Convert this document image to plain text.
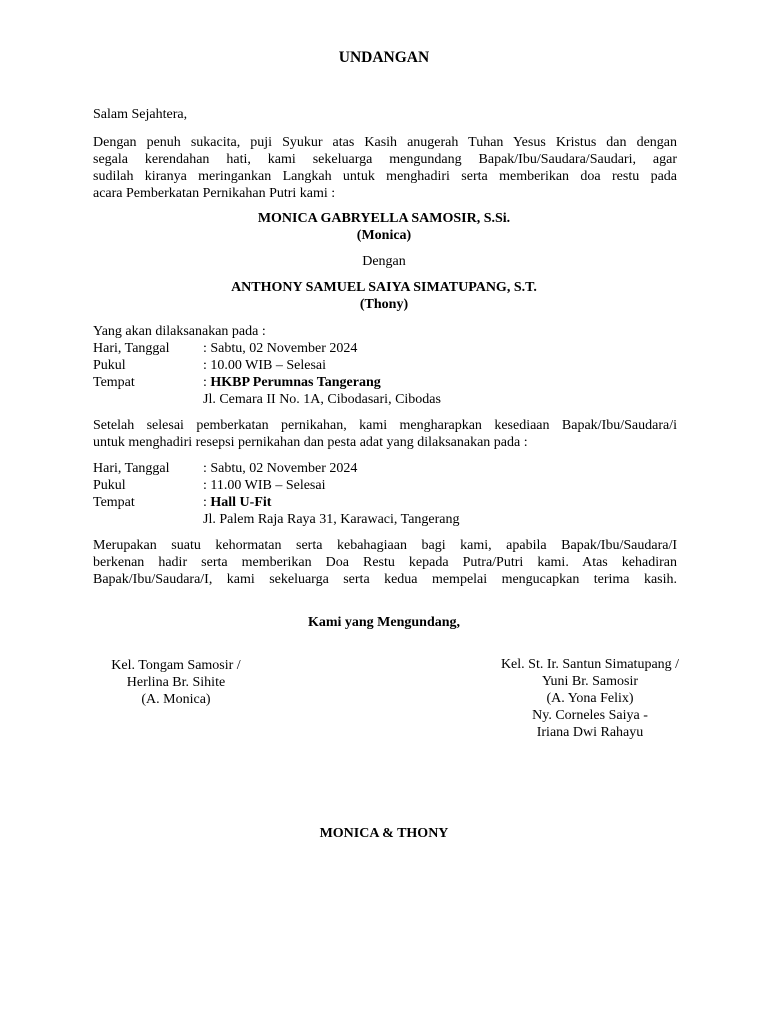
UNDANGAN
Salam Sejahtera,
Dengan penuh sukacita, puji Syukur atas Kasih anugerah Tuhan Yesus Kristus dan dengan
segala kerendahan hati, kami sekeluarga mengundang Bapak/Ibu/Saudara/Saudari, agar
sudilah kiranya meringankan Langkah untuk menghadiri serta memberikan doa restu pada
acara Pemberkatan Pernikahan Putri kami :
MONICA GABRYELLA SAMOSIR, S.Si.
(Monica)
Dengan
ANTHONY SAMUEL SAIYA SIMATUPANG, S.T.
(Thony)
Yang akan dilaksanakan pada :
Hari, Tanggal : Sabtu, 02 November 2024
Pukul	: 10.00 WIB – Selesai
Tempat	: HKBP Perumnas Tangerang
Jl. Cemara II No. 1A, Cibodasari, Cibodas
Setelah selesai pemberkatan pernikahan, kami mengharapkan kesediaan Bapak/Ibu/Saudara/i
untuk menghadiri resepsi pernikahan dan pesta adat yang dilaksanakan pada :
Hari, Tanggal : Sabtu, 02 November 2024
Pukul	: 11.00 WIB – Selesai
Tempat	: Hall U-Fit
Jl. Palem Raja Raya 31, Karawaci, Tangerang
Merupakan suatu kehormatan serta kebahagiaan bagi kami, apabila Bapak/Ibu/Saudara/I
berkenan hadir serta memberikan Doa Restu kepada Putra/Putri kami. Atas kehadiran
Bapak/Ibu/Saudara/I, kami sekeluarga serta kedua mempelai mengucapkan terima kasih.
Kami yang Mengundang,
Kel. Tongam Samosir /
Herlina Br. Sihite
(A. Monica)
Kel. St. Ir. Santun Simatupang /
Yuni Br. Samosir
(A. Yona Felix)
Ny. Corneles Saiya -
Iriana Dwi Rahayu
MONICA & THONY
